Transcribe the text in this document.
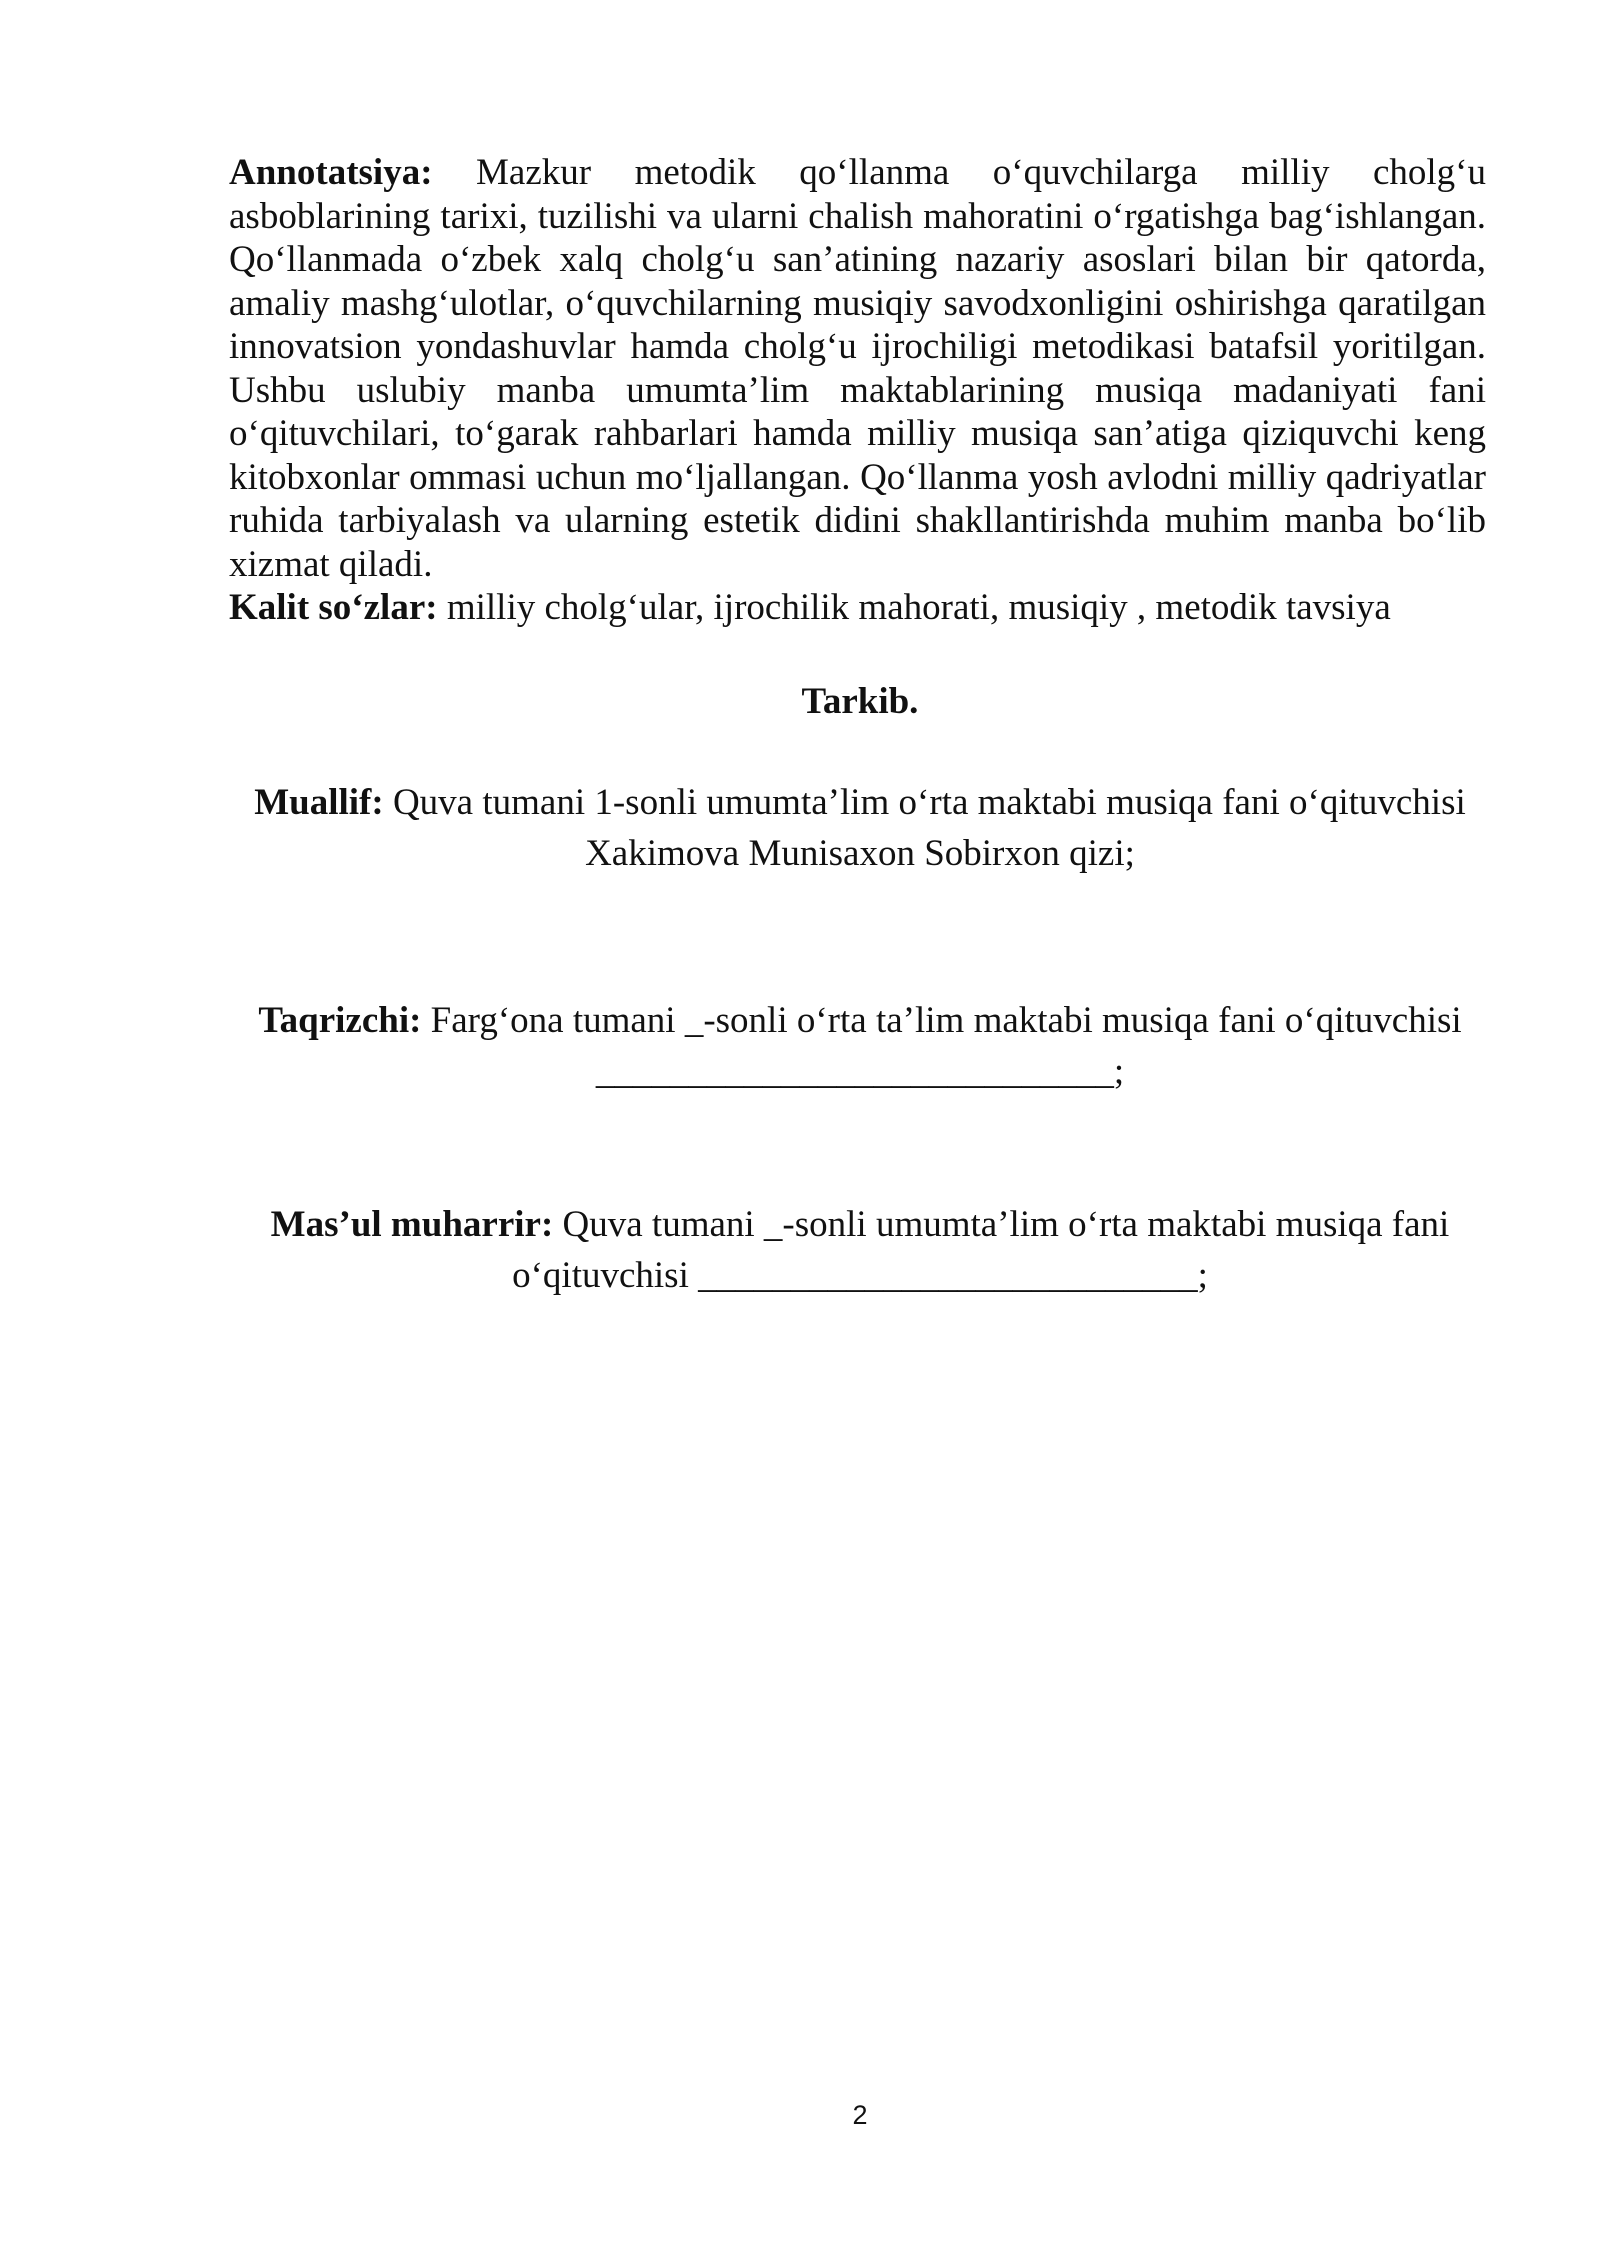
Annotatsiya: Mazkur metodik qo‘llanma o‘quvchilarga milliy cholg‘u asboblarining tarixi, tuzilishi va ularni chalish mahoratini o‘rgatishga bag‘ishlangan. Qo‘llanmada o‘zbek xalq cholg‘u san’atining nazariy asoslari bilan bir qatorda, amaliy mashg‘ulotlar, o‘quvchilarning musiqiy savodxonligini oshirishga qaratilgan innovatsion yondashuvlar hamda cholg‘u ijrochiligi metodikasi batafsil yoritilgan. Ushbu uslubiy manba umumta’lim maktablarining musiqa madaniyati fani o‘qituvchilari, to‘garak rahbarlari hamda milliy musiqa san’atiga qiziquvchi keng kitobxonlar ommasi uchun mo‘ljallangan. Qo‘llanma yosh avlodni milliy qadriyatlar ruhida tarbiyalash va ularning estetik didini shakllantirishda muhim manba bo‘lib xizmat qiladi.

Kalit so‘zlar: milliy cholg‘ular, ijrochilik mahorati, musiqiy , metodik tavsiya

Tarkib.
Muallif: Quva tumani 1-sonli umumta’lim o‘rta maktabi musiqa fani o‘qituvchisi
Xakimova Munisaxon Sobirxon qizi;
Taqrizchi: Farg‘ona tumani _-sonli o‘rta ta’lim maktabi musiqa fani o‘qituvchisi
____________________________;
Mas’ul muharrir: Quva tumani _-sonli umumta’lim o‘rta maktabi musiqa fani
o‘qituvchisi ___________________________;
2
